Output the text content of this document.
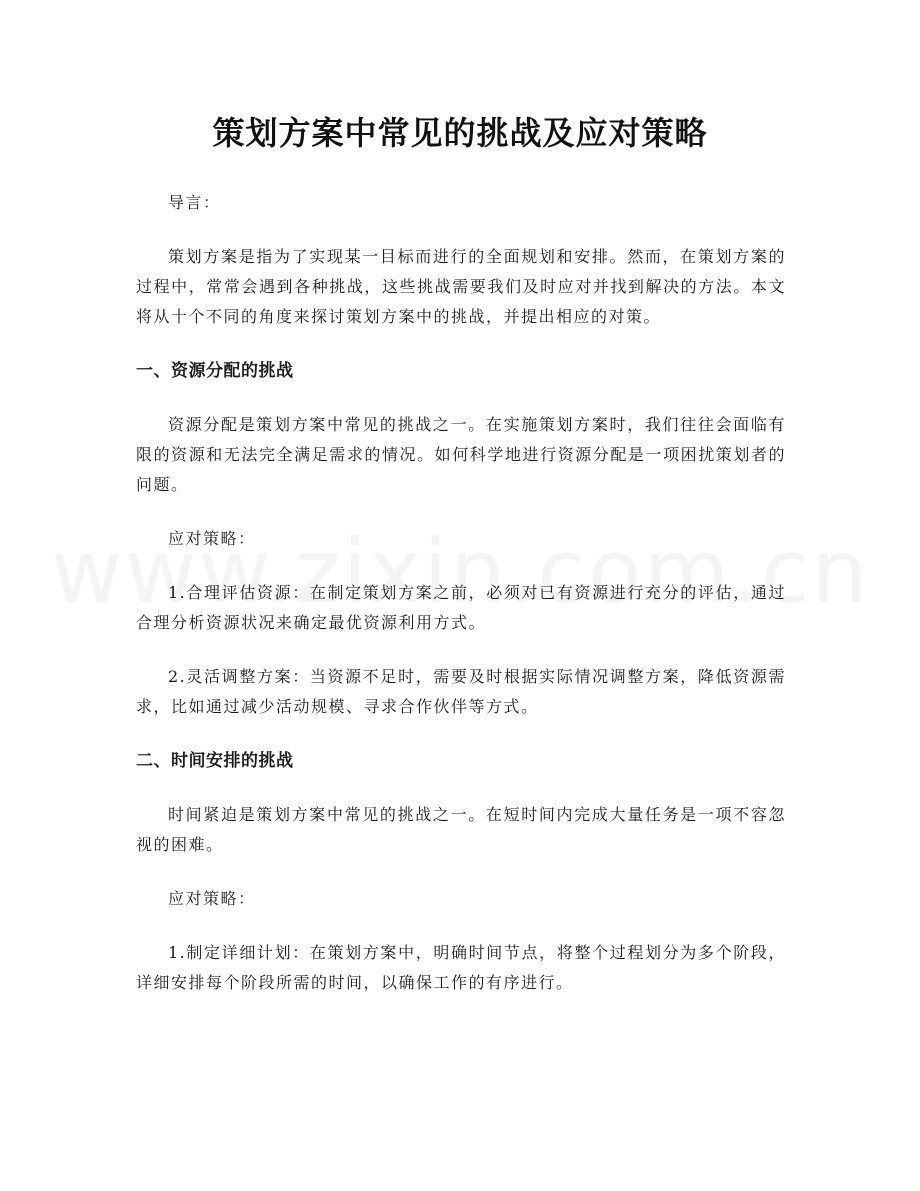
策划方案中常见的挑战及应对策略

导言：

策划方案是指为了实现某一目标而进行的全面规划和安排。然而，在策划方案的过程中，常常会遇到各种挑战，这些挑战需要我们及时应对并找到解决的方法。本文将从十个不同的角度来探讨策划方案中的挑战，并提出相应的对策。

一、资源分配的挑战

资源分配是策划方案中常见的挑战之一。在实施策划方案时，我们往往会面临有限的资源和无法完全满足需求的情况。如何科学地进行资源分配是一项困扰策划者的问题。

应对策略：

1.合理评估资源：在制定策划方案之前，必须对已有资源进行充分的评估，通过合理分析资源状况来确定最优资源利用方式。

2.灵活调整方案：当资源不足时，需要及时根据实际情况调整方案，降低资源需求，比如通过减少活动规模、寻求合作伙伴等方式。

二、时间安排的挑战

时间紧迫是策划方案中常见的挑战之一。在短时间内完成大量任务是一项不容忽视的困难。

应对策略：

1.制定详细计划：在策划方案中，明确时间节点，将整个过程划分为多个阶段，详细安排每个阶段所需的时间，以确保工作的有序进行。
